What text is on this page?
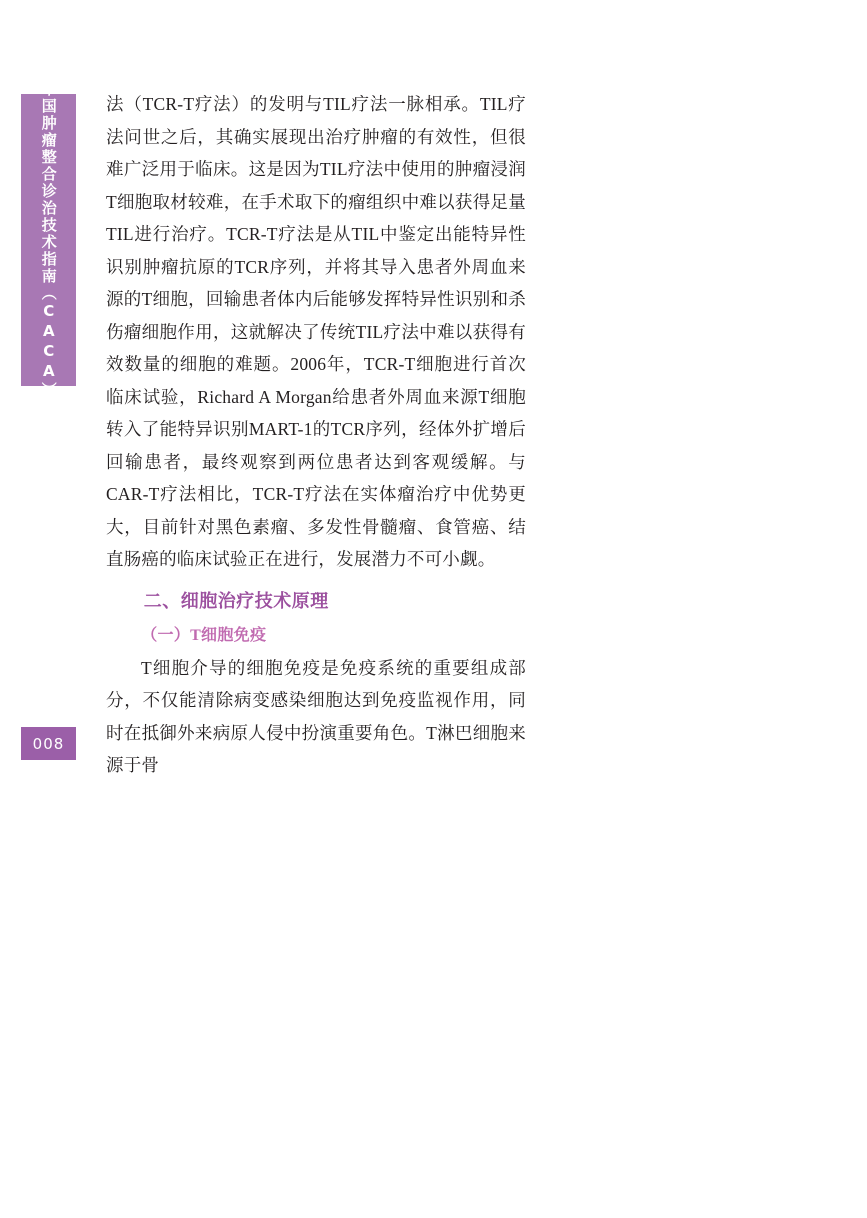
中国肿瘤整合诊治技术指南（CACA）
008

法（TCR-T疗法）的发明与TIL疗法一脉相承。TIL疗法问世之后，其确实展现出治疗肿瘤的有效性，但很难广泛用于临床。这是因为TIL疗法中使用的肿瘤浸润T细胞取材较难，在手术取下的瘤组织中难以获得足量TIL进行治疗。TCR-T疗法是从TIL中鉴定出能特异性识别肿瘤抗原的TCR序列，并将其导入患者外周血来源的T细胞，回输患者体内后能够发挥特异性识别和杀伤瘤细胞作用，这就解决了传统TIL疗法中难以获得有效数量的细胞的难题。2006年，TCR-T细胞进行首次临床试验，Richard A Morgan给患者外周血来源T细胞转入了能特异识别MART-1的TCR序列，经体外扩增后回输患者，最终观察到两位患者达到客观缓解。与CAR-T疗法相比，TCR-T疗法在实体瘤治疗中优势更大，目前针对黑色素瘤、多发性骨髓瘤、食管癌、结直肠癌的临床试验正在进行，发展潜力不可小觑。

二、细胞治疗技术原理
（一）T细胞免疫

T细胞介导的细胞免疫是免疫系统的重要组成部分，不仅能清除病变感染细胞达到免疫监视作用，同时在抵御外来病原人侵中扮演重要角色。T淋巴细胞来源于骨
